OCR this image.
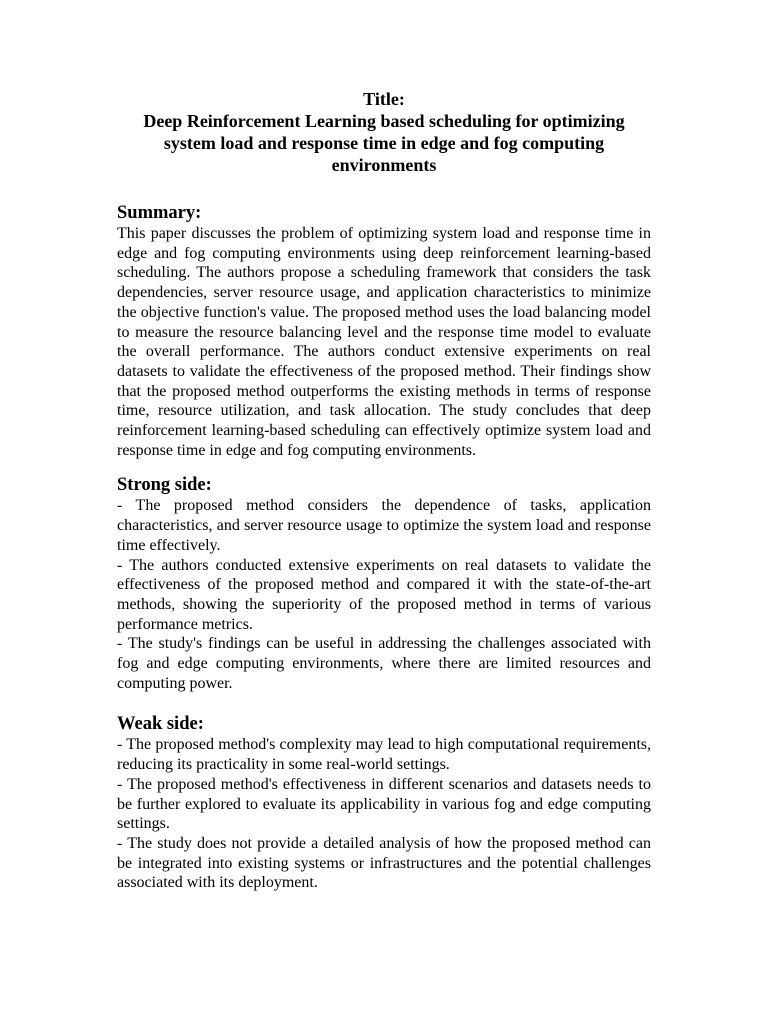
Title:
Deep Reinforcement Learning based scheduling for optimizing system load and response time in edge and fog computing environments
Summary:

This paper discusses the problem of optimizing system load and response time in edge and fog computing environments using deep reinforcement learning-based scheduling. The authors propose a scheduling framework that considers the task dependencies, server resource usage, and application characteristics to minimize the objective function's value. The proposed method uses the load balancing model to measure the resource balancing level and the response time model to evaluate the overall performance. The authors conduct extensive experiments on real datasets to validate the effectiveness of the proposed method. Their findings show that the proposed method outperforms the existing methods in terms of response time, resource utilization, and task allocation. The study concludes that deep reinforcement learning-based scheduling can effectively optimize system load and response time in edge and fog computing environments.

Strong side:

- The proposed method considers the dependence of tasks, application characteristics, and server resource usage to optimize the system load and response time effectively.

- The authors conducted extensive experiments on real datasets to validate the effectiveness of the proposed method and compared it with the state-of-the-art methods, showing the superiority of the proposed method in terms of various performance metrics.

- The study's findings can be useful in addressing the challenges associated with fog and edge computing environments, where there are limited resources and computing power.

Weak side:

- The proposed method's complexity may lead to high computational requirements, reducing its practicality in some real-world settings.

- The proposed method's effectiveness in different scenarios and datasets needs to be further explored to evaluate its applicability in various fog and edge computing settings.

- The study does not provide a detailed analysis of how the proposed method can be integrated into existing systems or infrastructures and the potential challenges associated with its deployment.
